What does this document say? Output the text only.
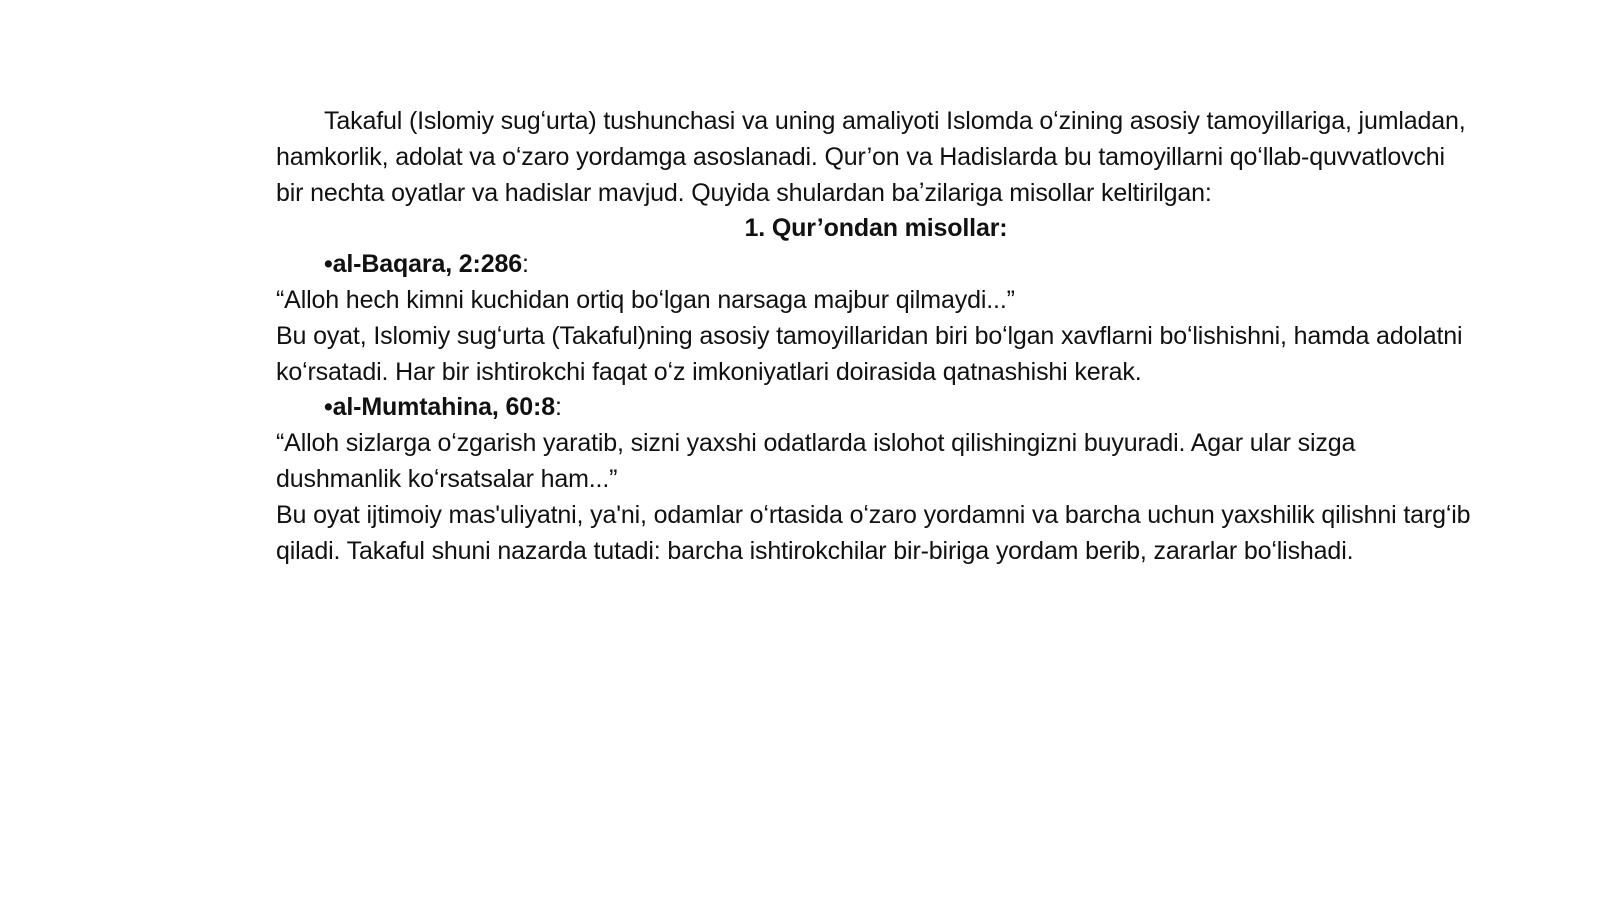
Takaful (Islomiy sugʻurta) tushunchasi va uning amaliyoti Islomda oʻzining asosiy tamoyillariga, jumladan, hamkorlik, adolat va oʻzaro yordamga asoslanadi. Qur’on va Hadislarda bu tamoyillarni qoʻllab-quvvatlovchi bir nechta oyatlar va hadislar mavjud. Quyida shulardan baʼzilariga misollar keltirilgan:

1. Qur’ondan misollar:

•al-Baqara, 2:286:

“Alloh hech kimni kuchidan ortiq boʻlgan narsaga majbur qilmaydi...”

Bu oyat, Islomiy sugʻurta (Takaful)ning asosiy tamoyillaridan biri boʻlgan xavflarni boʻlishishni, hamda adolatni koʻrsatadi. Har bir ishtirokchi faqat oʻz imkoniyatlari doirasida qatnashishi kerak.

•al-Mumtahina, 60:8:

“Alloh sizlarga oʻzgarish yaratib, sizni yaxshi odatlarda islohot qilishingizni buyuradi. Agar ular sizga dushmanlik koʻrsatsalar ham...”

Bu oyat ijtimoiy mas'uliyatni, ya'ni, odamlar oʻrtasida oʻzaro yordamni va barcha uchun yaxshilik qilishni targʻib qiladi. Takaful shuni nazarda tutadi: barcha ishtirokchilar bir-biriga yordam berib, zararlar boʻlishadi.
